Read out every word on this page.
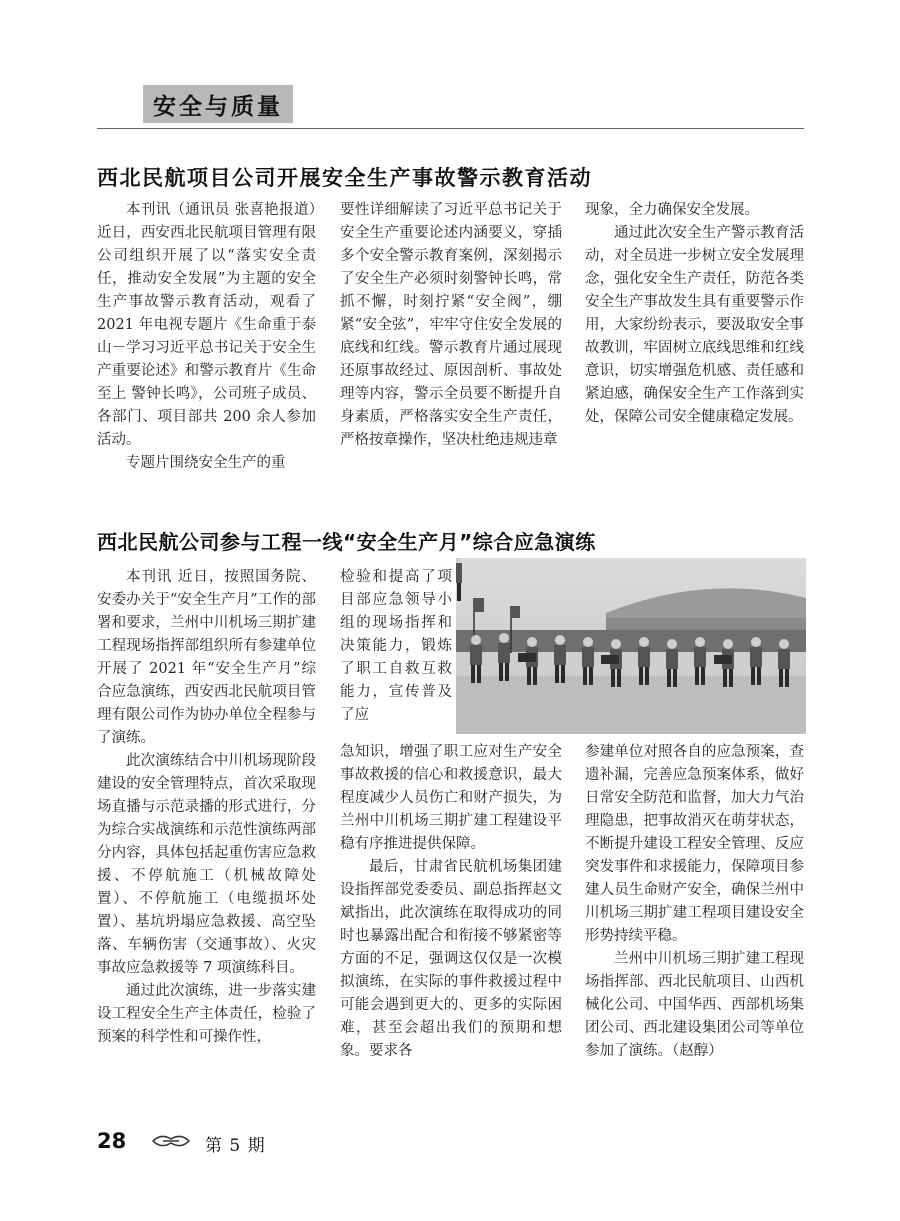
安全与质量
西北民航项目公司开展安全生产事故警示教育活动

本刊讯（通讯员 张喜艳报道）近日，西安西北民航项目管理有限公司组织开展了以“落实安全责任，推动安全发展”为主题的安全生产事故警示教育活动，观看了 2021 年电视专题片《生命重于泰山－学习习近平总书记关于安全生产重要论述》和警示教育片《生命至上 警钟长鸣》，公司班子成员、各部门、项目部共 200 余人参加活动。

专题片围绕安全生产的重

要性详细解读了习近平总书记关于安全生产重要论述内涵要义，穿插多个安全警示教育案例，深刻揭示了安全生产必须时刻警钟长鸣，常抓不懈，时刻拧紧“安全阀”，绷紧“安全弦”，牢牢守住安全发展的底线和红线。警示教育片通过展现还原事故经过、原因剖析、事故处理等内容，警示全员要不断提升自身素质，严格落实安全生产责任，严格按章操作，坚决杜绝违规违章

现象，全力确保安全发展。

通过此次安全生产警示教育活动，对全员进一步树立安全发展理念，强化安全生产责任，防范各类安全生产事故发生具有重要警示作用，大家纷纷表示，要汲取安全事故教训，牢固树立底线思维和红线意识，切实增强危机感、责任感和紧迫感，确保安全生产工作落到实处，保障公司安全健康稳定发展。

西北民航公司参与工程一线“安全生产月”综合应急演练

本刊讯 近日，按照国务院、安委办关于“安全生产月”工作的部署和要求，兰州中川机场三期扩建工程现场指挥部组织所有参建单位开展了 2021 年“安全生产月”综合应急演练，西安西北民航项目管理有限公司作为协办单位全程参与了演练。

此次演练结合中川机场现阶段建设的安全管理特点，首次采取现场直播与示范录播的形式进行，分为综合实战演练和示范性演练两部分内容，具体包括起重伤害应急救援、不停航施工（机械故障处置）、不停航施工（电缆损坏处置）、基坑坍塌应急救援、高空坠落、车辆伤害（交通事故）、火灾事故应急救援等 7 项演练科目。

通过此次演练，进一步落实建设工程安全生产主体责任，检验了预案的科学性和可操作性，

检验和提高了项目部应急领导小组的现场指挥和决策能力，锻炼了职工自救互救能力，宣传普及了应

急知识，增强了职工应对生产安全事故救援的信心和救援意识，最大程度减少人员伤亡和财产损失，为兰州中川机场三期扩建工程建设平稳有序推进提供保障。

最后，甘肃省民航机场集团建设指挥部党委委员、副总指挥赵文斌指出，此次演练在取得成功的同时也暴露出配合和衔接不够紧密等方面的不足，强调这仅仅是一次模拟演练，在实际的事件救援过程中可能会遇到更大的、更多的实际困难，甚至会超出我们的预期和想象。要求各

参建单位对照各自的应急预案，查遗补漏，完善应急预案体系，做好日常安全防范和监督，加大力气治理隐患，把事故消灭在萌芽状态，不断提升建设工程安全管理、反应突发事件和求援能力，保障项目参建人员生命财产安全，确保兰州中川机场三期扩建工程项目建设安全形势持续平稳。

兰州中川机场三期扩建工程现场指挥部、西北民航项目、山西机械化公司、中国华西、西部机场集团公司、西北建设集团公司等单位参加了演练。（赵醇）

28	第 5 期
